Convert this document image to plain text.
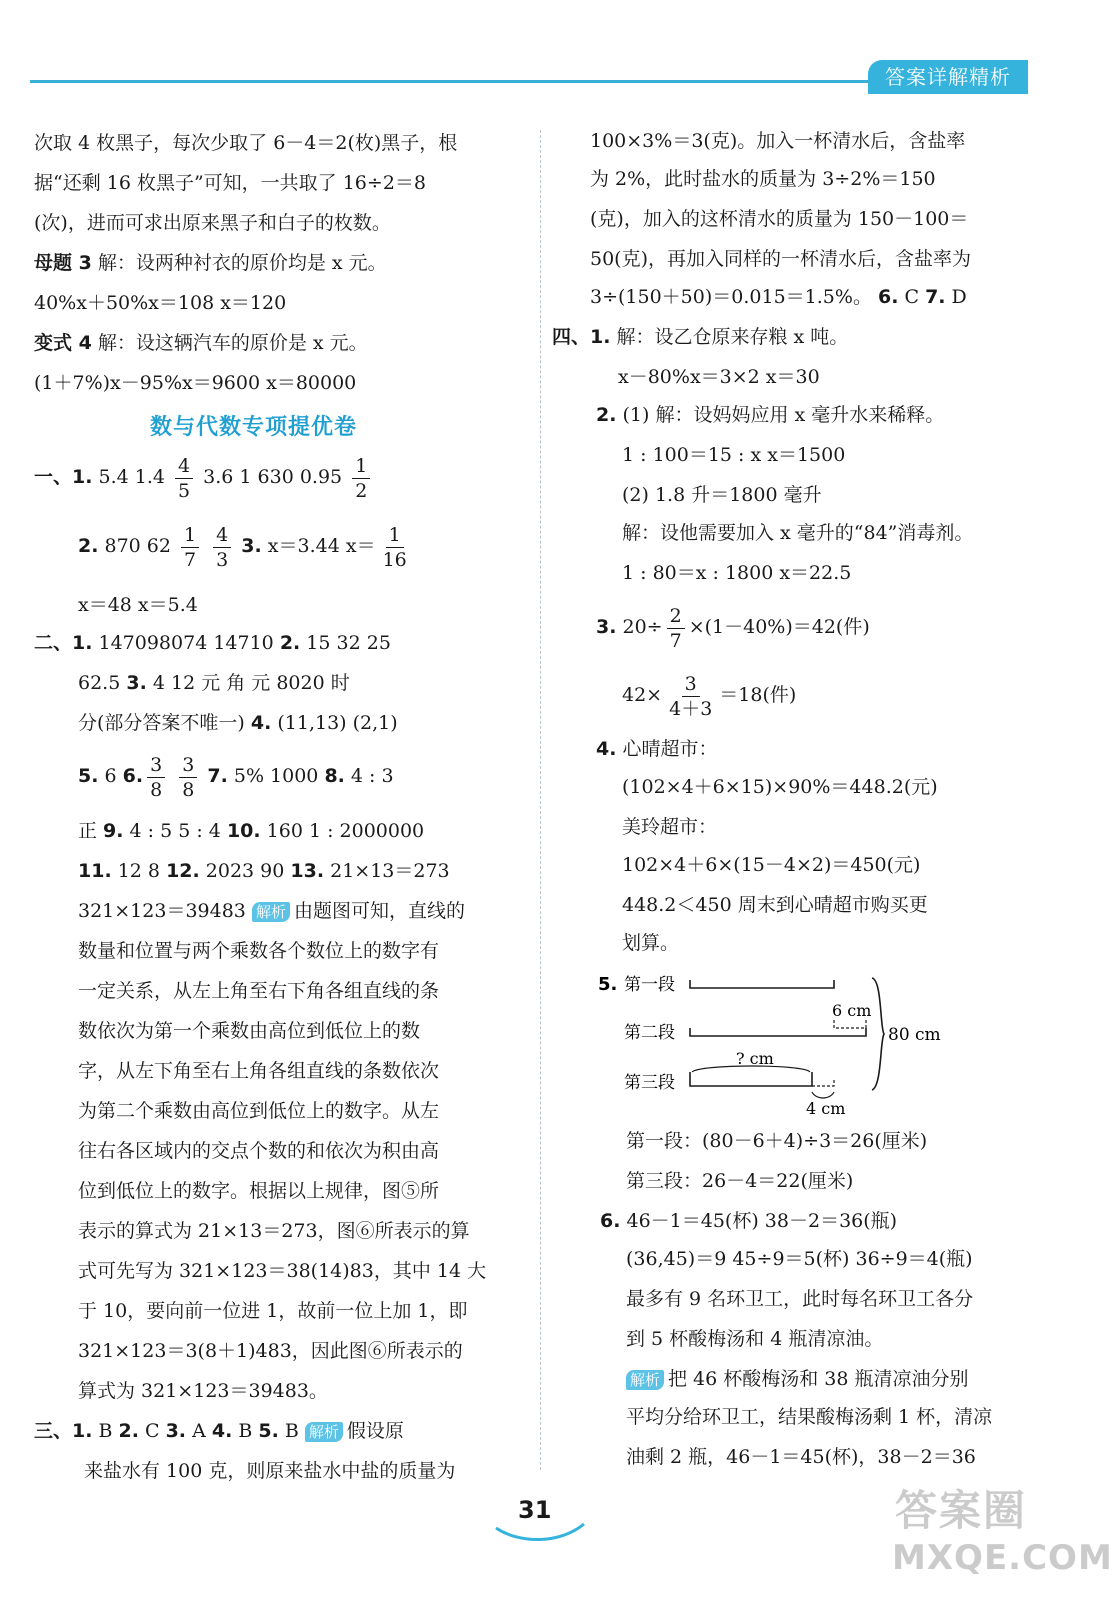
答案详解精析
次取 4 枚黑子，每次少取了 6－4＝2(枚)黑子，根
据“还剩 16 枚黑子”可知，一共取了 16÷2＝8
(次)，进而可求出原来黑子和白子的枚数。
母题 3 解：设两种衬衣的原价均是 x 元。
40%x＋50%x＝108 x＝120
变式 4 解：设这辆汽车的原价是 x 元。
(1＋7%)x－95%x＝9600 x＝80000
一、1. 5.4 $1.4 \frac{4}{5} 3.6$ 1 630 $0.95 \frac{1}{2}$
2. 870 $62 \frac{1}{7}$
$\frac{4}{3} 3$. x＝3.44 $x= \frac{1}{16}$
x＝48 x＝5.4
二、1. 147098074 14710 2. 15 32 25
62.5 3. 4 12 元 角 元 8020 时
分(部分答案不唯一) 4. (11,13) (2,1)
5. 6 6. $\frac{3}{8}$
$\frac{3}{8} 7$. 5% 1000 8. 4 : 3
正 9. 4 : 5 5 : 4 10. 160 1 : 2000000
11. 12 8 12. 2023 90 13. 21×13＝273
321×123＝39483 解析 由题图可知，直线的
数量和位置与两个乘数各个数位上的数字有
一定关系，从左上角至右下角各组直线的条
数依次为第一个乘数由高位到低位上的数
字，从左下角至右上角各组直线的条数依次
为第二个乘数由高位到低位上的数字。从左
往右各区域内的交点个数的和依次为积由高
位到低位上的数字。根据以上规律，图⑤所
表示的算式为 21×13＝273，图⑥所表示的算
式可先写为 321×123＝38(14)83，其中 14 大
于 10，要向前一位进 1，故前一位上加 1，即
321×123＝3(8＋1)483，因此图⑥所表示的
算式为 321×123＝39483。
三、1. B 2. C 3. A 4. B 5. B 解析 假设原
来盐水有 100 克，则原来盐水中盐的质量为
数与代数专项提优卷
100×3%＝3(克)。加入一杯清水后，含盐率
为 2%，此时盐水的质量为 3÷2%＝150
(克)，加入的这杯清水的质量为 150－100＝
50(克)，再加入同样的一杯清水后，含盐率为
3÷(150＋50)＝0.015＝1.5%。 6. C 7. D
四、1. 解：设乙仓原来存粮 x 吨。
x－80%x＝3×2 x＝30
2. (1) 解：设妈妈应用 x 毫升水来稀释。
1 : 100＝15 : x x＝1500
(2) 1.8 升＝1800 毫升
解：设他需要加入 x 毫升的“84”消毒剂。
1 : 80＝x : 1800 x＝22.5
3. $20\div \frac{2}{7} \times(1-40\%)=42$(件)
$42\times \frac{3}{4+3} =18$(件)
4. 心晴超市：
(102×4＋6×15)×90%＝448.2(元)
美玲超市：
102×4＋6×(15－4×2)＝450(元)
448.2＜450 周末到心晴超市购买更
划算。
第一段：(80－6＋4)÷3＝26(厘米)
第三段：26－4＝22(厘米)
6. 46－1＝45(杯) 38－2＝36(瓶)
(36,45)＝9 45÷9＝5(杯) 36÷9＝4(瓶)
最多有 9 名环卫工，此时每名环卫工各分
到 5 杯酸梅汤和 4 瓶清凉油。
解析 把 46 杯酸梅汤和 38 瓶清凉油分别
平均分给环卫工，结果酸梅汤剩 1 杯，清凉
油剩 2 瓶，46－1＝45(杯)，38－2＝36
5. 第一段
第二段
第三段
6 cm
? cm
4 cm
80 cm
31	答案圈
MXQE.COM
